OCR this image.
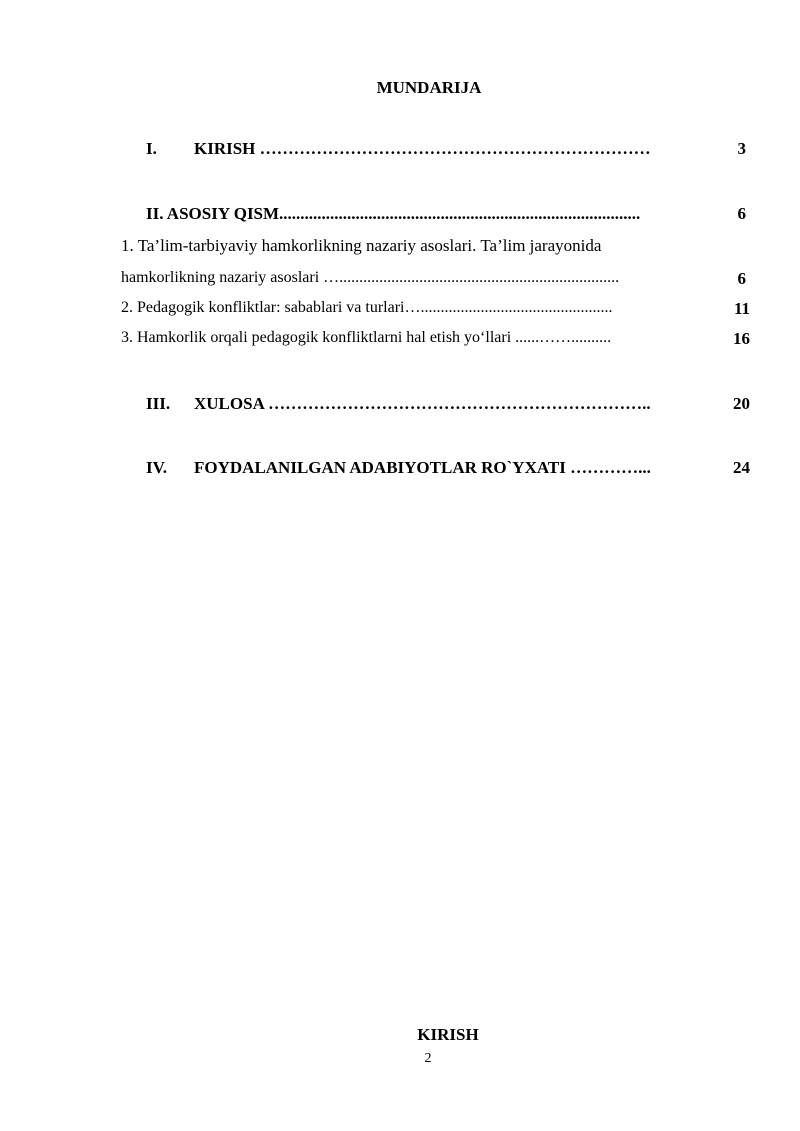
MUNDARIJA
I. KIRISH ……………………………………………………………	3
II. ASOSIY QISM.....................................................................................	6
1. Ta’lim-tarbiyaviy hamkorlikning nazariy asoslari. Ta’lim jarayonida
hamkorlikning nazariy asoslari …......................................................................	6
2. Pedagogik konfliktlar: sabablari va turlari…................................................	11
3. Hamkorlik orqali pedagogik konfliktlarni hal etish yo‘llari ......……..........	16
III. XULOSA …………………………………………………………..	20
IV. FOYDALANILGAN ADABIYOTLAR RO`YXATI …………...	24
KIRISH
2
